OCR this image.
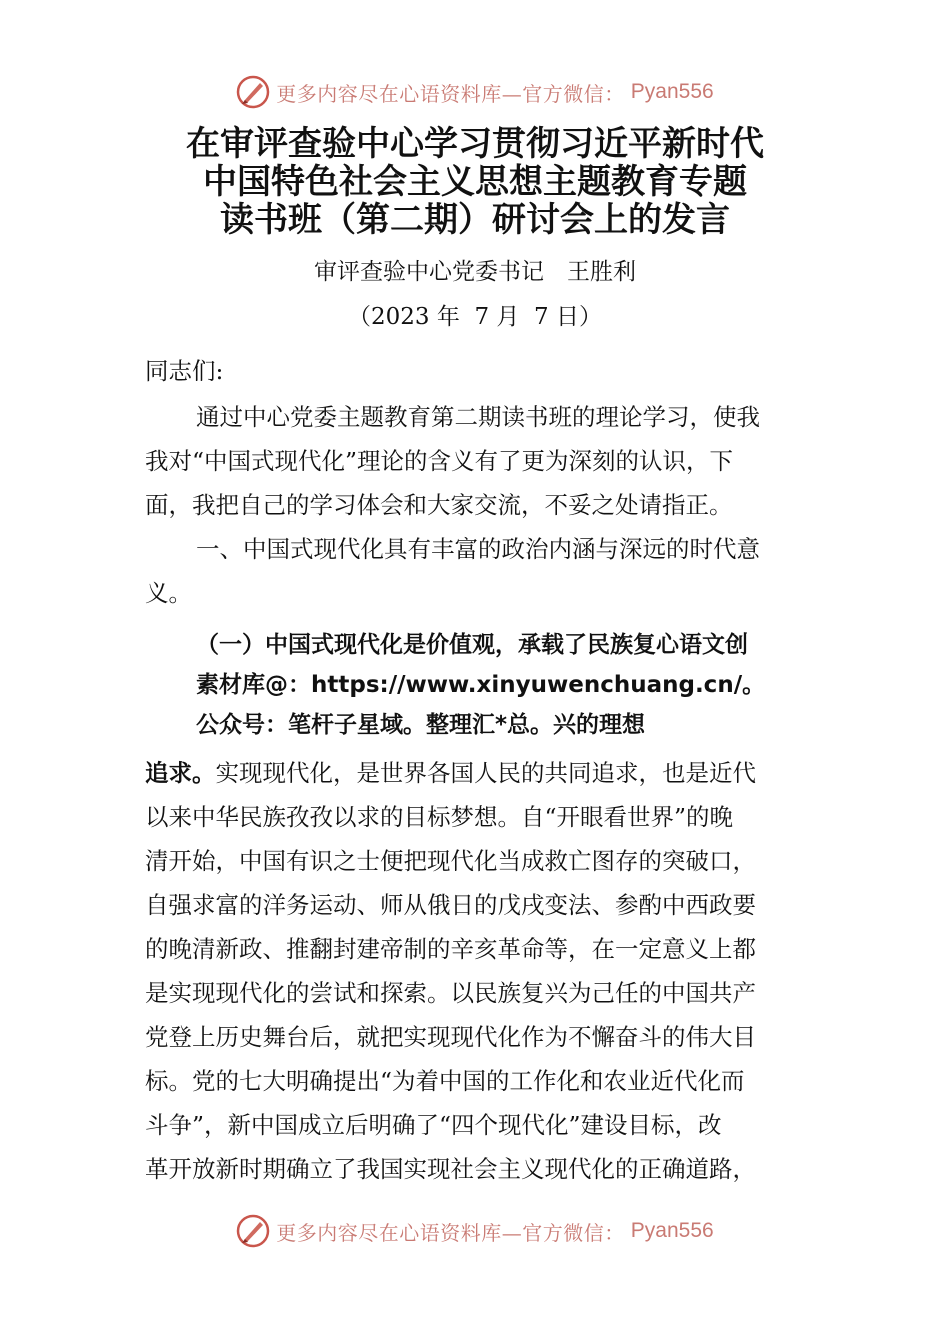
更多内容尽在心语资料库—官方微信： Pyan556
在审评查验中心学习贯彻习近平新时代
中国特色社会主义思想主题教育专题
读书班（第二期）研讨会上的发言
审评查验中心党委书记　王胜利
（2023 年  7 月  7 日）
同志们:
通过中心党委主题教育第二期读书班的理论学习，使我
我对“中国式现代化”理论的含义有了更为深刻的认识，下
面，我把自己的学习体会和大家交流，不妥之处请指正。
一、中国式现代化具有丰富的政治内涵与深远的时代意
义。
（一）中国式现代化是价值观，承载了民族复心语文创
素材库@：https://www.xinyuwenchuang.cn/。
公众号：笔杆子星域。整理汇*总。兴的理想
追求。实现现代化，是世界各国人民的共同追求，也是近代
以来中华民族孜孜以求的目标梦想。自“开眼看世界”的晚
清开始，中国有识之士便把现代化当成救亡图存的突破口，
自强求富的洋务运动、师从俄日的戊戌变法、参酌中西政要
的晚清新政、推翻封建帝制的辛亥革命等，在一定意义上都
是实现现代化的尝试和探索。以民族复兴为己任的中国共产
党登上历史舞台后，就把实现现代化作为不懈奋斗的伟大目
标。党的七大明确提出“为着中国的工作化和农业近代化而
斗争”，新中国成立后明确了“四个现代化”建设目标，改
革开放新时期确立了我国实现社会主义现代化的正确道路，
更多内容尽在心语资料库—官方微信： Pyan556
